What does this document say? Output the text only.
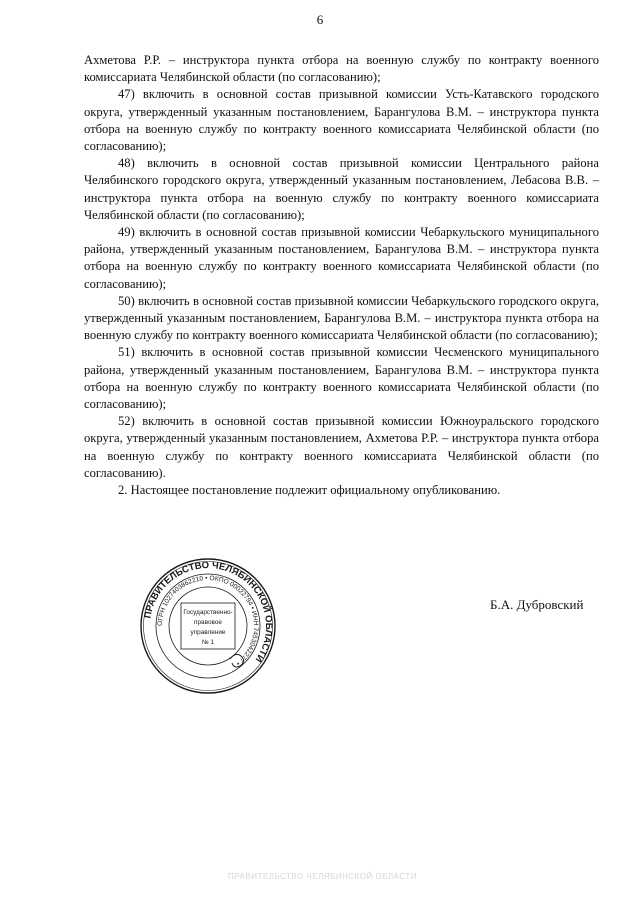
6

Ахметова Р.Р. – инструктора пункта отбора на военную службу по контракту военного комиссариата Челябинской области (по согласованию);

47) включить в основной состав призывной комиссии Усть-Катавского городского округа, утвержденный указанным постановлением, Барангулова В.М. – инструктора пункта отбора на военную службу по контракту военного комиссариата Челябинской области (по согласованию);

48) включить в основной состав призывной комиссии Центрального района Челябинского городского округа, утвержденный указанным постановлением, Лебасова В.В. – инструктора пункта отбора на военную службу по контракту военного комиссариата Челябинской области (по согласованию);

49) включить в основной состав призывной комиссии Чебаркульского муниципального района, утвержденный указанным постановлением, Барангулова В.М. – инструктора пункта отбора на военную службу по контракту военного комиссариата Челябинской области (по согласованию);

50) включить в основной состав призывной комиссии Чебаркульского городского округа, утвержденный указанным постановлением, Барангулова В.М. – инструктора пункта отбора на военную службу по контракту военного комиссариата Челябинской области (по согласованию);

51) включить в основной состав призывной комиссии Чесменского муниципального района, утвержденный указанным постановлением, Барангулова В.М. – инструктора пункта отбора на военную службу по контракту военного комиссариата Челябинской области (по согласованию);

52) включить в основной состав призывной комиссии Южноуральского городского округа, утвержденный указанным постановлением, Ахметова Р.Р. – инструктора пункта отбора на военную службу по контракту военного комиссариата Челябинской области (по согласованию).

2. Настоящее постановление подлежит официальному опубликованию.

ПРАВИТЕЛЬСТВО ЧЕЛЯБИНСКОЙ ОБЛАСТИ
ОГРН 1027403862210 • ОКПО 00022794 • ИНН 7453042277 •
Государственно-
правовое
управление
№ 1
Б.А. Дубровский
ПРАВИТЕЛЬСТВО ЧЕЛЯБИНСКОЙ ОБЛАСТИ
